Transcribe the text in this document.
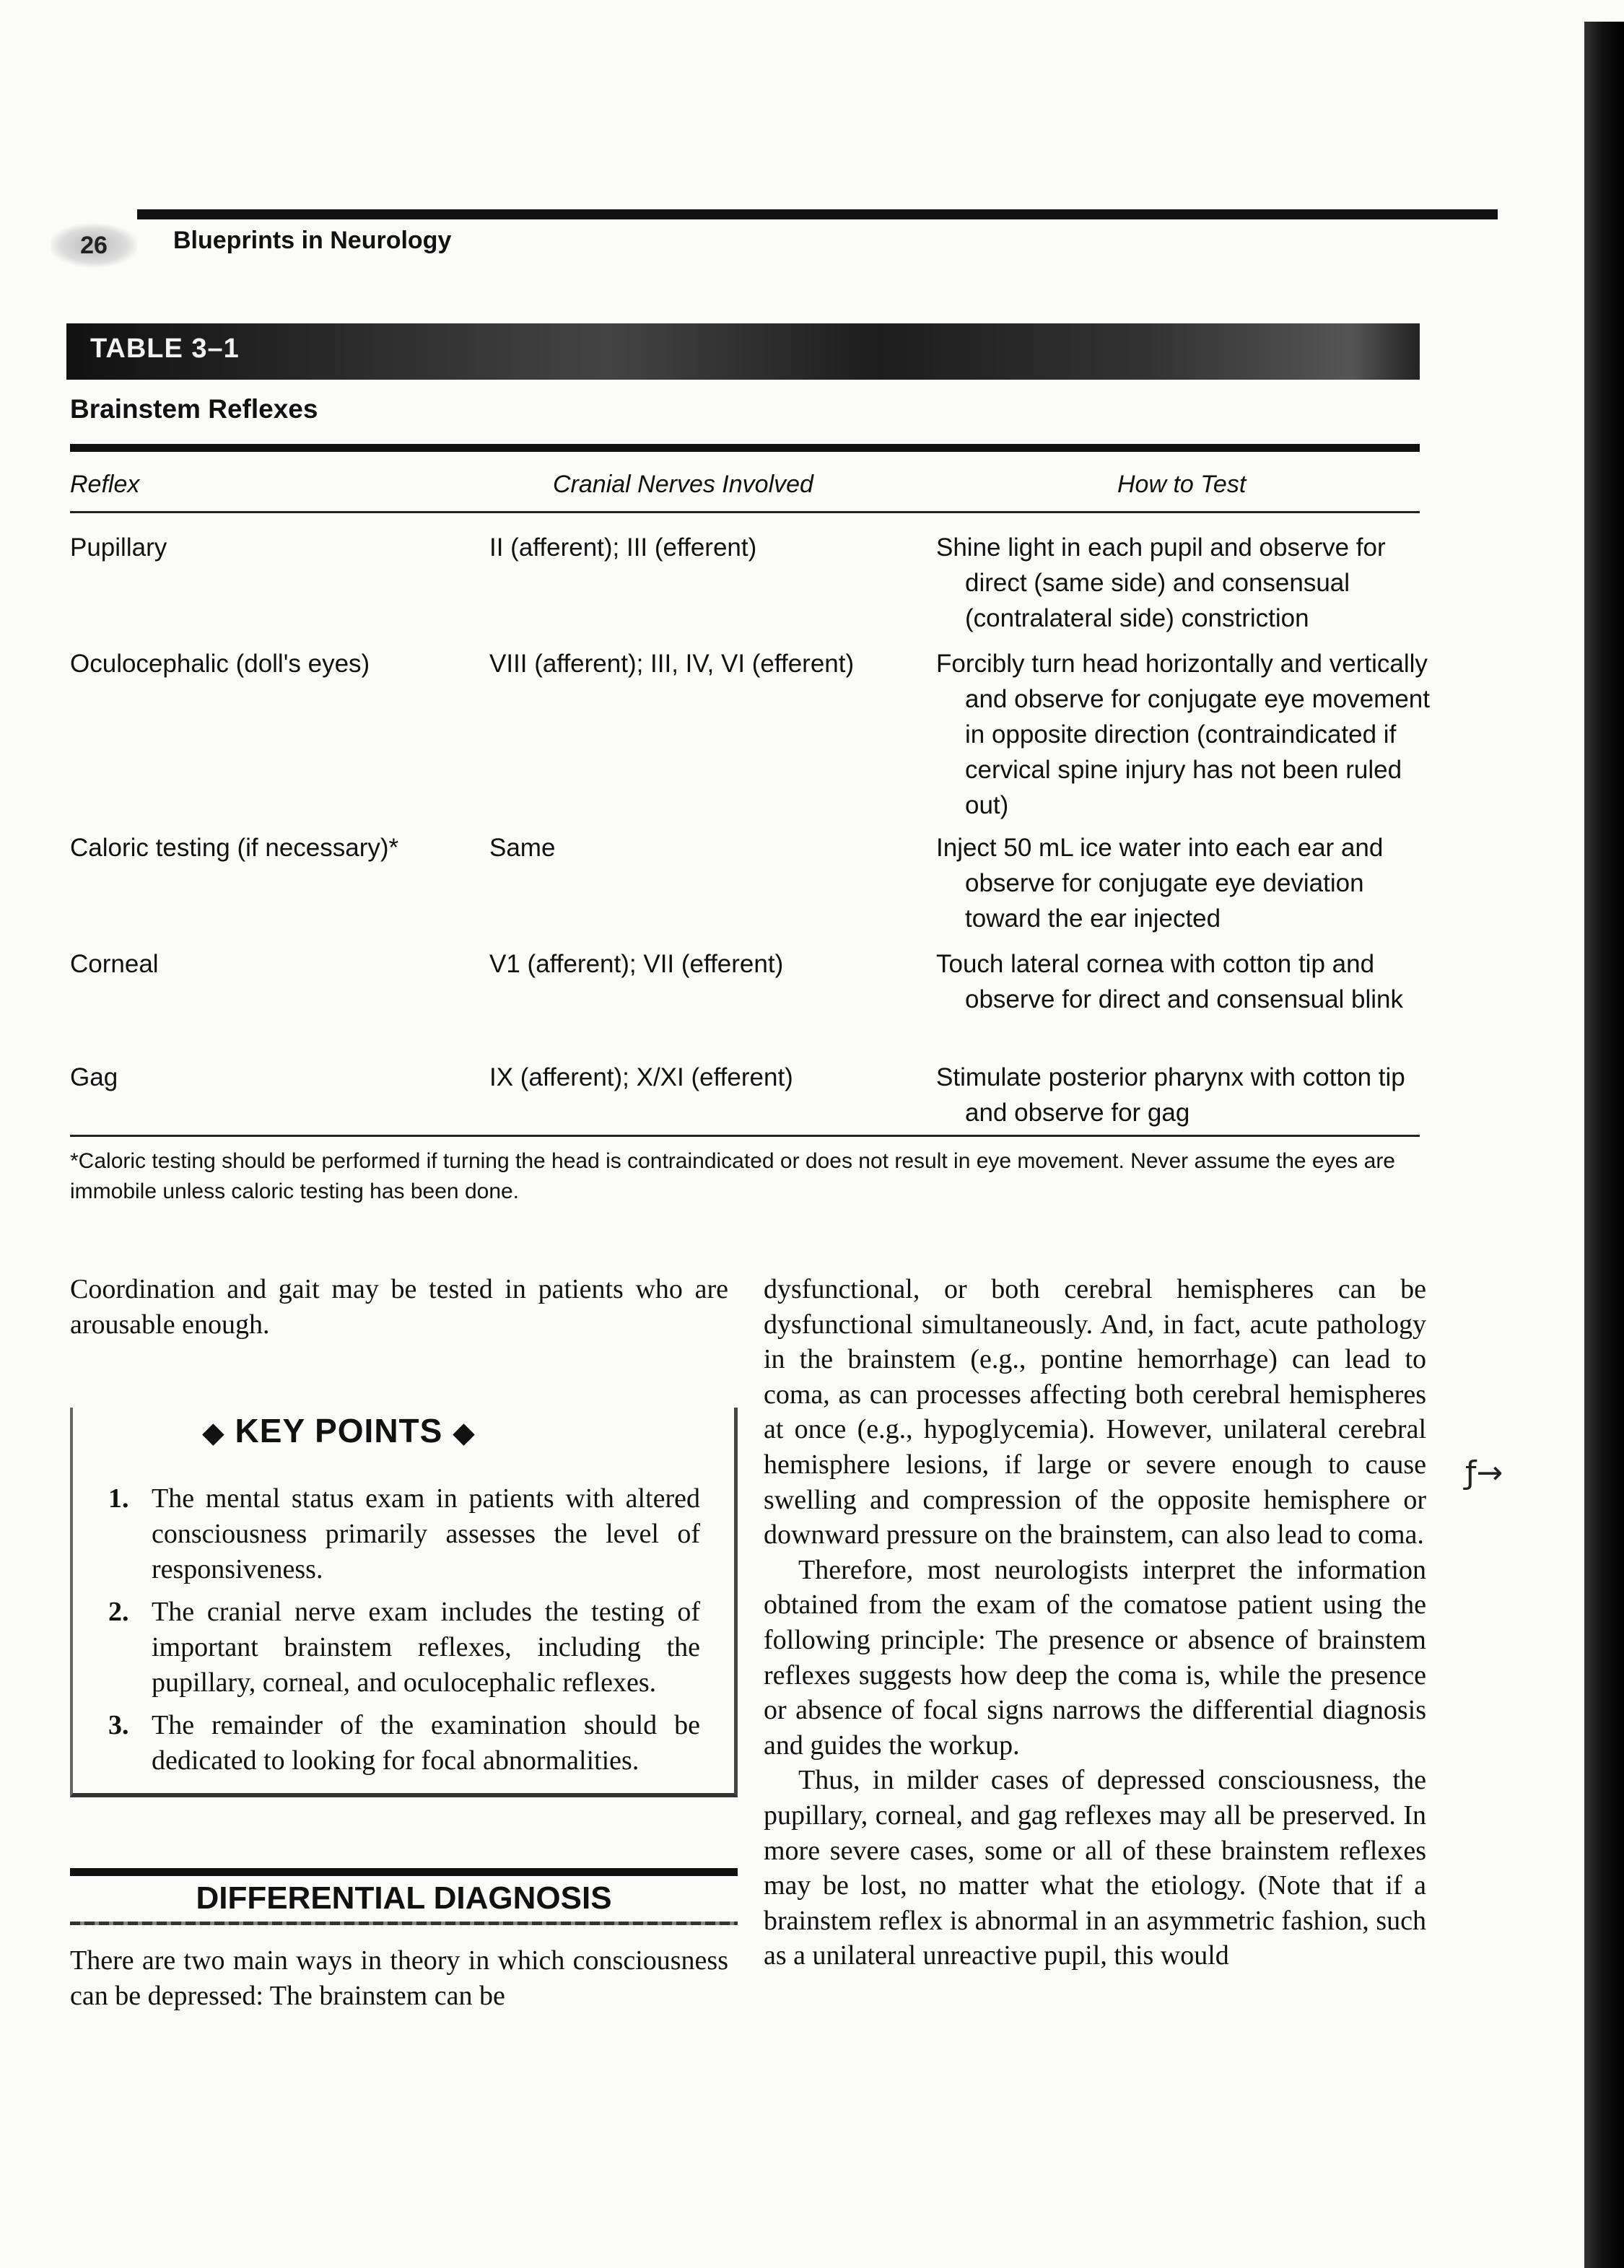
26	Blueprints in Neurology
TABLE 3–1
Brainstem Reflexes
Reflex	Cranial Nerves Involved	How to Test
Pupillary	II (afferent); III (efferent)	Shine light in each pupil and observe for direct (same side) and consensual (contralateral side) constriction
Oculocephalic (doll's eyes)	VIII (afferent); III, IV, VI (efferent)	Forcibly turn head horizontally and vertically and observe for conjugate eye movement in opposite direction (contraindicated if cervical spine injury has not been ruled out)
Caloric testing (if necessary)*	Same	Inject 50 mL ice water into each ear and observe for conjugate eye deviation toward the ear injected
Corneal	V1 (afferent); VII (efferent)	Touch lateral cornea with cotton tip and observe for direct and consensual blink
Gag	IX (afferent); X/XI (efferent)	Stimulate posterior pharynx with cotton tip and observe for gag
*Caloric testing should be performed if turning the head is contraindicated or does not result in eye movement. Never assume the eyes are immobile unless caloric testing has been done.
Coordination and gait may be tested in patients who are arousable enough.
◆ KEY POINTS ◆
1. The mental status exam in patients with altered consciousness primarily assesses the level of responsiveness.
2. The cranial nerve exam includes the testing of important brainstem reflexes, including the pupillary, corneal, and oculocephalic reflexes.
3. The remainder of the examination should be dedicated to looking for focal abnormalities.
DIFFERENTIAL DIAGNOSIS
There are two main ways in theory in which consciousness can be depressed: The brainstem can be

dysfunctional, or both cerebral hemispheres can be dysfunctional simultaneously. And, in fact, acute pathology in the brainstem (e.g., pontine hemorrhage) can lead to coma, as can processes affecting both cerebral hemispheres at once (e.g., hypoglycemia). However, unilateral cerebral hemisphere lesions, if large or severe enough to cause swelling and compression of the opposite hemisphere or downward pressure on the brainstem, can also lead to coma.

Therefore, most neurologists interpret the information obtained from the exam of the comatose patient using the following principle: The presence or absence of brainstem reflexes suggests how deep the coma is, while the presence or absence of focal signs narrows the differential diagnosis and guides the workup.

Thus, in milder cases of depressed consciousness, the pupillary, corneal, and gag reflexes may all be preserved. In more severe cases, some or all of these brainstem reflexes may be lost, no matter what the etiology. (Note that if a brainstem reflex is abnormal in an asymmetric fashion, such as a unilateral unreactive pupil, this would

ƒ→
